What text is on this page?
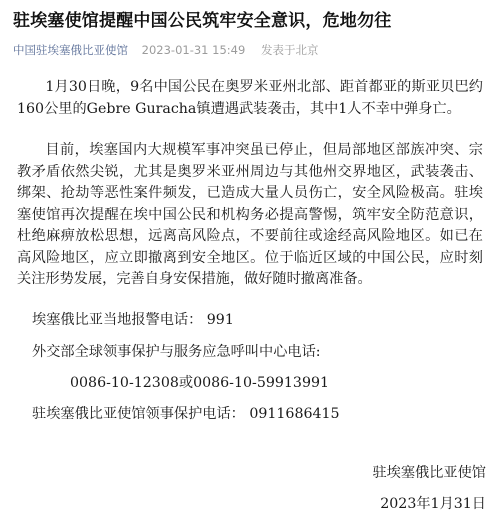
驻埃塞使馆提醒中国公民筑牢安全意识，危地勿往
中国驻埃塞俄比亚使馆 2023-01-31 15:49 发表于北京

1月30日晚，9名中国公民在奥罗米亚州北部、距首都亚的斯亚贝巴约160公里的Gebre Guracha镇遭遇武装袭击，其中1人不幸中弹身亡。

目前，埃塞国内大规模军事冲突虽已停止，但局部地区部族冲突、宗教矛盾依然尖锐，尤其是奥罗米亚州周边与其他州交界地区，武装袭击、绑架、抢劫等恶性案件频发，已造成大量人员伤亡，安全风险极高。驻埃塞使馆再次提醒在埃中国公民和机构务必提高警惕，筑牢安全防范意识，杜绝麻痹放松思想，远离高风险点，不要前往或途经高风险地区。如已在高风险地区，应立即撤离到安全地区。位于临近区域的中国公民，应时刻关注形势发展，完善自身安保措施，做好随时撤离准备。

埃塞俄比亚当地报警电话： 991

外交部全球领事保护与服务应急呼叫中心电话:

0086-10-12308或0086-10-59913991

驻埃塞俄比亚使馆领事保护电话： 0911686415

驻埃塞俄比亚使馆

2023年1月31日
